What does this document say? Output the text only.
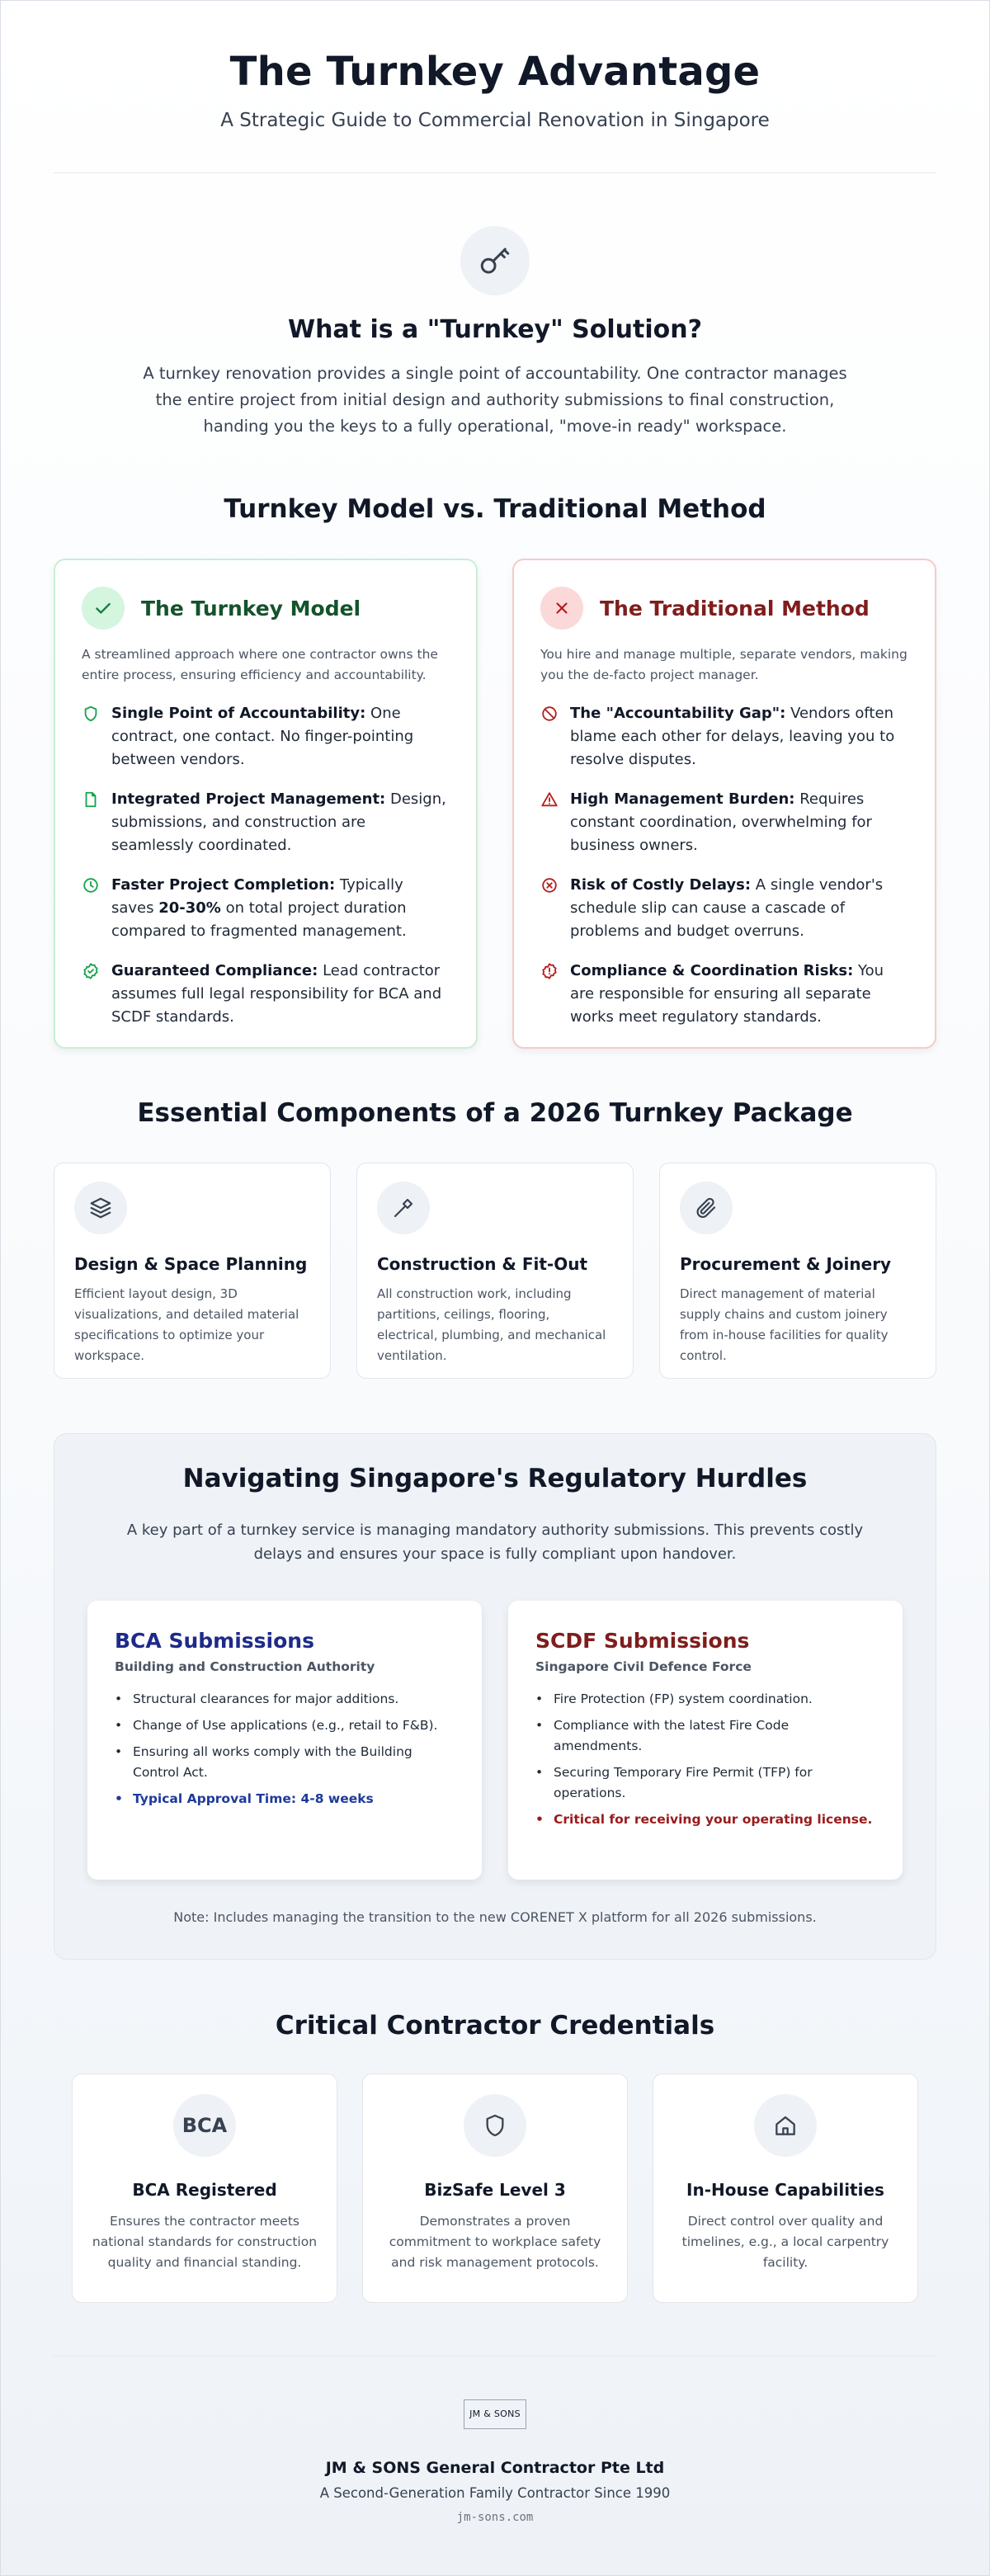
The Turnkey Advantage
A Strategic Guide to Commercial Renovation in Singapore
What is a "Turnkey" Solution?

A turnkey renovation provides a single point of accountability. One contractor manages the entire project from initial design and authority submissions to final construction, handing you the keys to a fully operational, "move-in ready" workspace.

Turnkey Model vs. Traditional Method
The Turnkey Model

A streamlined approach where one contractor owns the entire process, ensuring efficiency and accountability.

Single Point of Accountability: One contract, one contact. No finger-pointing between vendors.
Integrated Project Management: Design, submissions, and construction are seamlessly coordinated.
Faster Project Completion: Typically saves 20-30% on total project duration compared to fragmented management.
Guaranteed Compliance: Lead contractor assumes full legal responsibility for BCA and SCDF standards.
The Traditional Method

You hire and manage multiple, separate vendors, making you the de-facto project manager.

The "Accountability Gap": Vendors often blame each other for delays, leaving you to resolve disputes.
High Management Burden: Requires constant coordination, overwhelming for business owners.
Risk of Costly Delays: A single vendor's schedule slip can cause a cascade of problems and budget overruns.
Compliance & Coordination Risks: You are responsible for ensuring all separate works meet regulatory standards.
Essential Components of a 2026 Turnkey Package
Design & Space Planning

Efficient layout design, 3D visualizations, and detailed material specifications to optimize your workspace.

Construction & Fit-Out

All construction work, including partitions, ceilings, flooring, electrical, plumbing, and mechanical ventilation.

Procurement & Joinery

Direct management of material supply chains and custom joinery from in-house facilities for quality control.

Navigating Singapore's Regulatory Hurdles

A key part of a turnkey service is managing mandatory authority submissions. This prevents costly delays and ensures your space is fully compliant upon handover.

BCA Submissions
Building and Construction Authority
• Structural clearances for major additions.
• Change of Use applications (e.g., retail to F&B).
• Ensuring all works comply with the Building Control Act.
• Typical Approval Time: 4-8 weeks
SCDF Submissions
Singapore Civil Defence Force
• Fire Protection (FP) system coordination.
• Compliance with the latest Fire Code amendments.
• Securing Temporary Fire Permit (TFP) for operations.
• Critical for receiving your operating license.

Note: Includes managing the transition to the new CORENET X platform for all 2026 submissions.

Critical Contractor Credentials
BCA
BCA Registered

Ensures the contractor meets national standards for construction quality and financial standing.

BizSafe Level 3

Demonstrates a proven commitment to workplace safety and risk management protocols.

In-House Capabilities

Direct control over quality and timelines, e.g., a local carpentry facility.

JM & SONS
JM & SONS General Contractor Pte Ltd
A Second-Generation Family Contractor Since 1990
jm-sons.com
